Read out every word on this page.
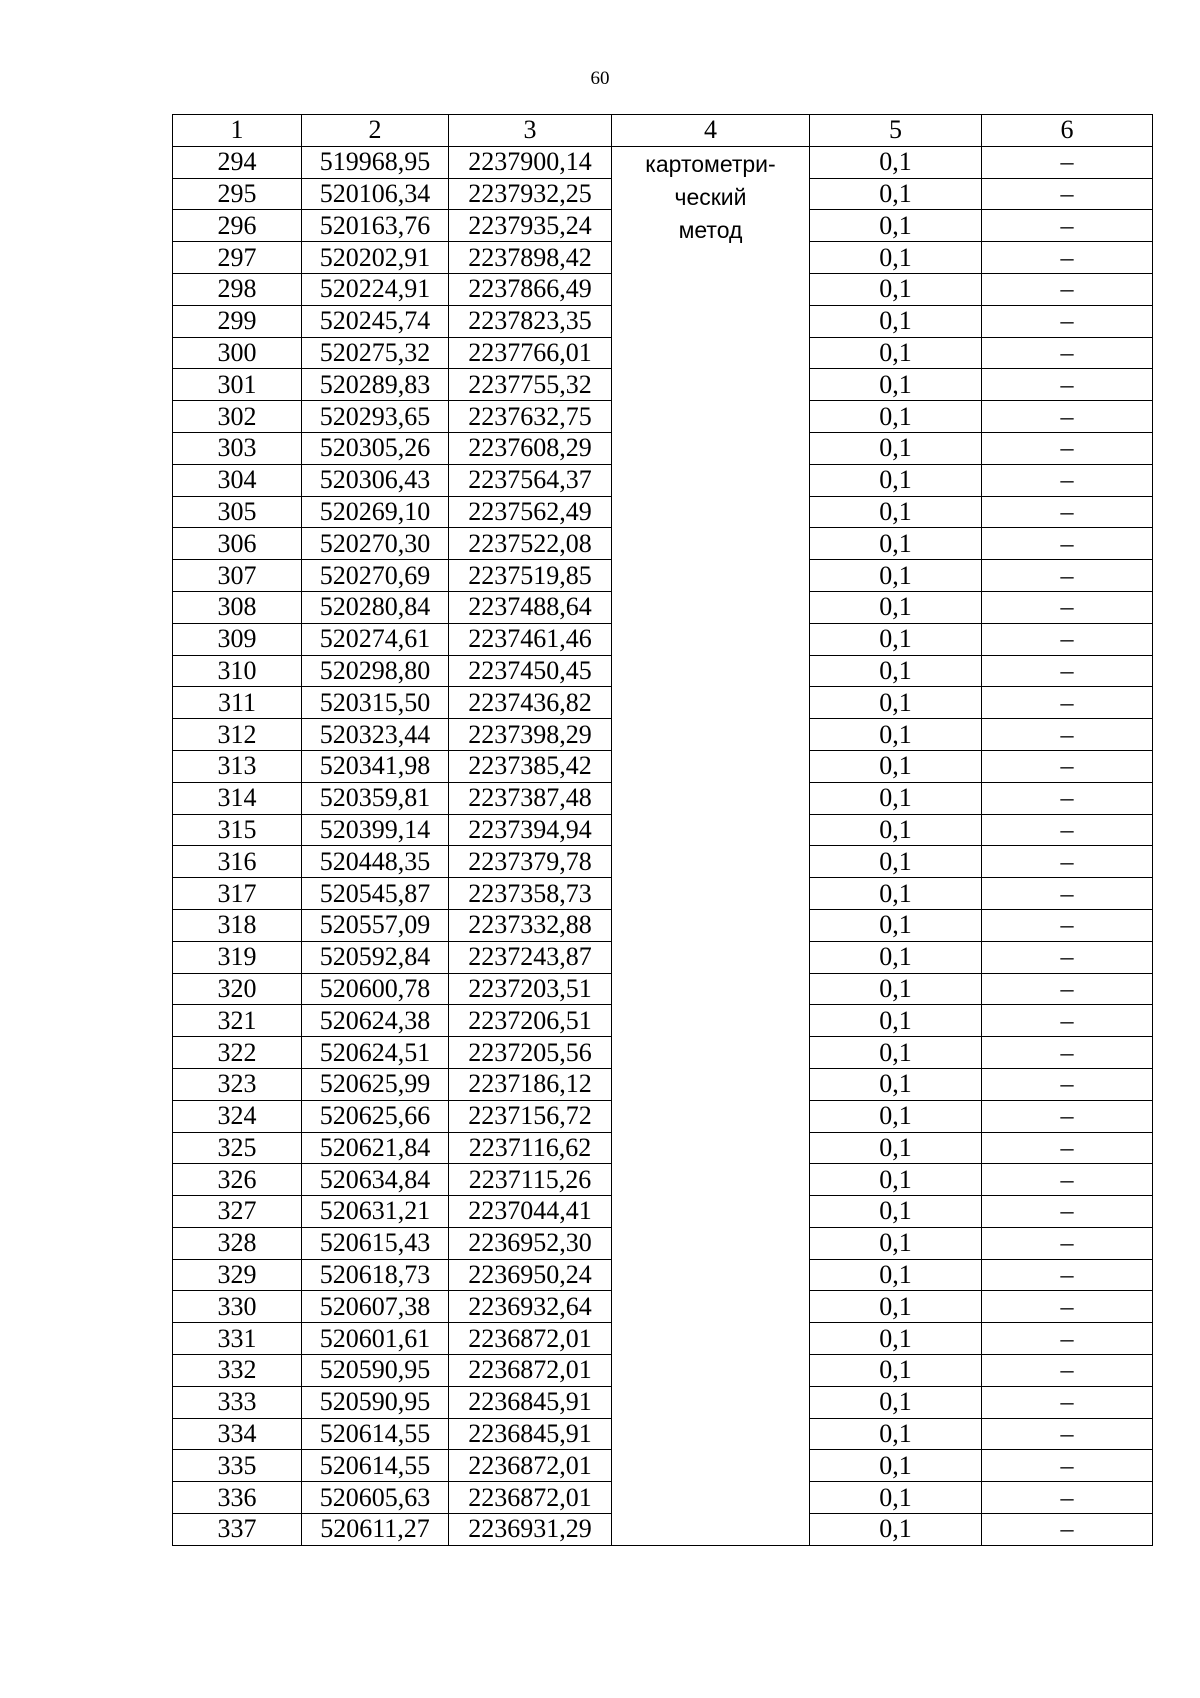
60
1	2	3	4	5	6
294	519968,95	2237900,14	картометри-
ческий
метод	0,1	–
295	520106,34	2237932,25		0,1	–
296	520163,76	2237935,24		0,1	–
297	520202,91	2237898,42		0,1	–
298	520224,91	2237866,49		0,1	–
299	520245,74	2237823,35		0,1	–
300	520275,32	2237766,01		0,1	–
301	520289,83	2237755,32		0,1	–
302	520293,65	2237632,75		0,1	–
303	520305,26	2237608,29		0,1	–
304	520306,43	2237564,37		0,1	–
305	520269,10	2237562,49		0,1	–
306	520270,30	2237522,08		0,1	–
307	520270,69	2237519,85		0,1	–
308	520280,84	2237488,64		0,1	–
309	520274,61	2237461,46		0,1	–
310	520298,80	2237450,45		0,1	–
311	520315,50	2237436,82		0,1	–
312	520323,44	2237398,29		0,1	–
313	520341,98	2237385,42		0,1	–
314	520359,81	2237387,48		0,1	–
315	520399,14	2237394,94		0,1	–
316	520448,35	2237379,78		0,1	–
317	520545,87	2237358,73		0,1	–
318	520557,09	2237332,88		0,1	–
319	520592,84	2237243,87		0,1	–
320	520600,78	2237203,51		0,1	–
321	520624,38	2237206,51		0,1	–
322	520624,51	2237205,56		0,1	–
323	520625,99	2237186,12		0,1	–
324	520625,66	2237156,72		0,1	–
325	520621,84	2237116,62		0,1	–
326	520634,84	2237115,26		0,1	–
327	520631,21	2237044,41		0,1	–
328	520615,43	2236952,30		0,1	–
329	520618,73	2236950,24		0,1	–
330	520607,38	2236932,64		0,1	–
331	520601,61	2236872,01		0,1	–
332	520590,95	2236872,01		0,1	–
333	520590,95	2236845,91		0,1	–
334	520614,55	2236845,91		0,1	–
335	520614,55	2236872,01		0,1	–
336	520605,63	2236872,01		0,1	–
337	520611,27	2236931,29		0,1	–
